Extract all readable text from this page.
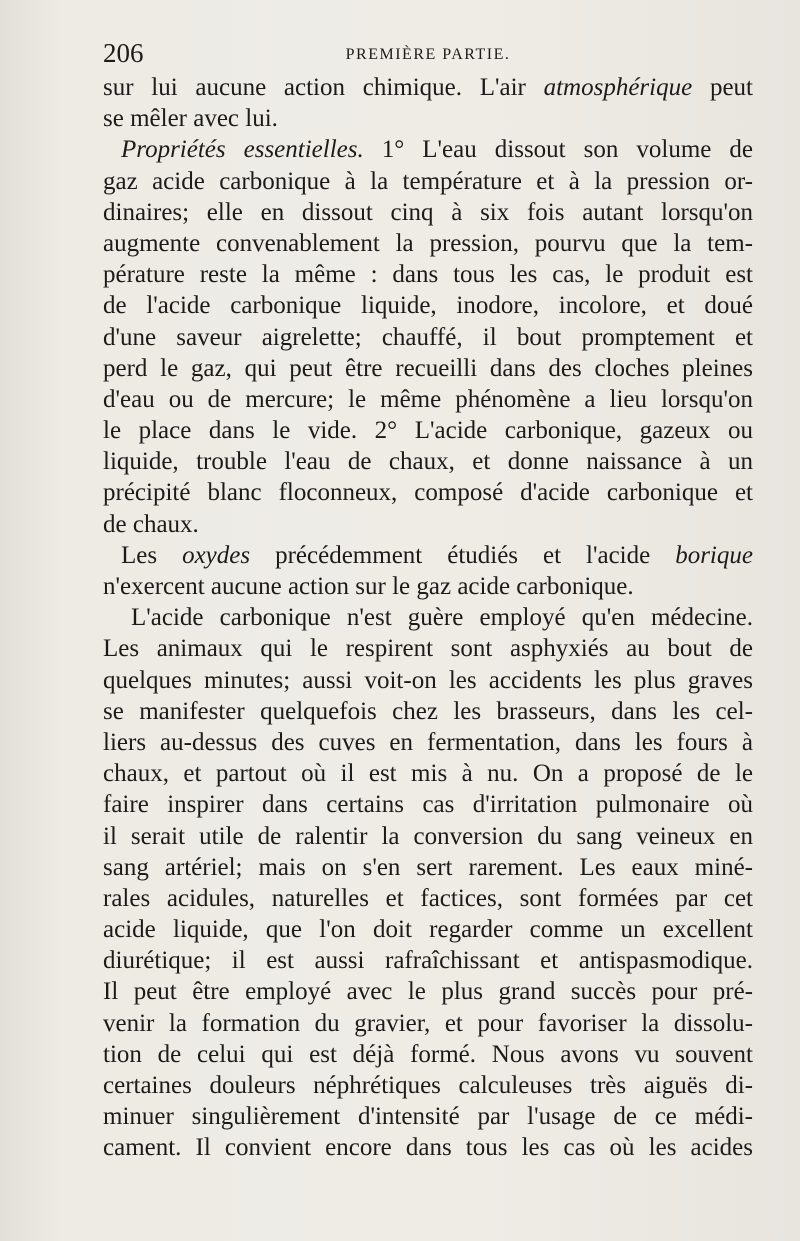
206	PREMIÈRE PARTIE.
sur lui aucune action chimique. L'air atmosphérique peut
se mêler avec lui.
Propriétés essentielles. 1° L'eau dissout son volume de
gaz acide carbonique à la température et à la pression or-
dinaires; elle en dissout cinq à six fois autant lorsqu'on
augmente convenablement la pression, pourvu que la tem-
pérature reste la même : dans tous les cas, le produit est
de l'acide carbonique liquide, inodore, incolore, et doué
d'une saveur aigrelette; chauffé, il bout promptement et
perd le gaz, qui peut être recueilli dans des cloches pleines
d'eau ou de mercure; le même phénomène a lieu lorsqu'on
le place dans le vide. 2° L'acide carbonique, gazeux ou
liquide, trouble l'eau de chaux, et donne naissance à un
précipité blanc floconneux, composé d'acide carbonique et
de chaux.
Les oxydes précédemment étudiés et l'acide borique
n'exercent aucune action sur le gaz acide carbonique.
L'acide carbonique n'est guère employé qu'en médecine.
Les animaux qui le respirent sont asphyxiés au bout de
quelques minutes; aussi voit-on les accidents les plus graves
se manifester quelquefois chez les brasseurs, dans les cel-
liers au-dessus des cuves en fermentation, dans les fours à
chaux, et partout où il est mis à nu. On a proposé de le
faire inspirer dans certains cas d'irritation pulmonaire où
il serait utile de ralentir la conversion du sang veineux en
sang artériel; mais on s'en sert rarement. Les eaux miné-
rales acidules, naturelles et factices, sont formées par cet
acide liquide, que l'on doit regarder comme un excellent
diurétique; il est aussi rafraîchissant et antispasmodique.
Il peut être employé avec le plus grand succès pour pré-
venir la formation du gravier, et pour favoriser la dissolu-
tion de celui qui est déjà formé. Nous avons vu souvent
certaines douleurs néphrétiques calculeuses très aiguës di-
minuer singulièrement d'intensité par l'usage de ce médi-
cament. Il convient encore dans tous les cas où les acides
